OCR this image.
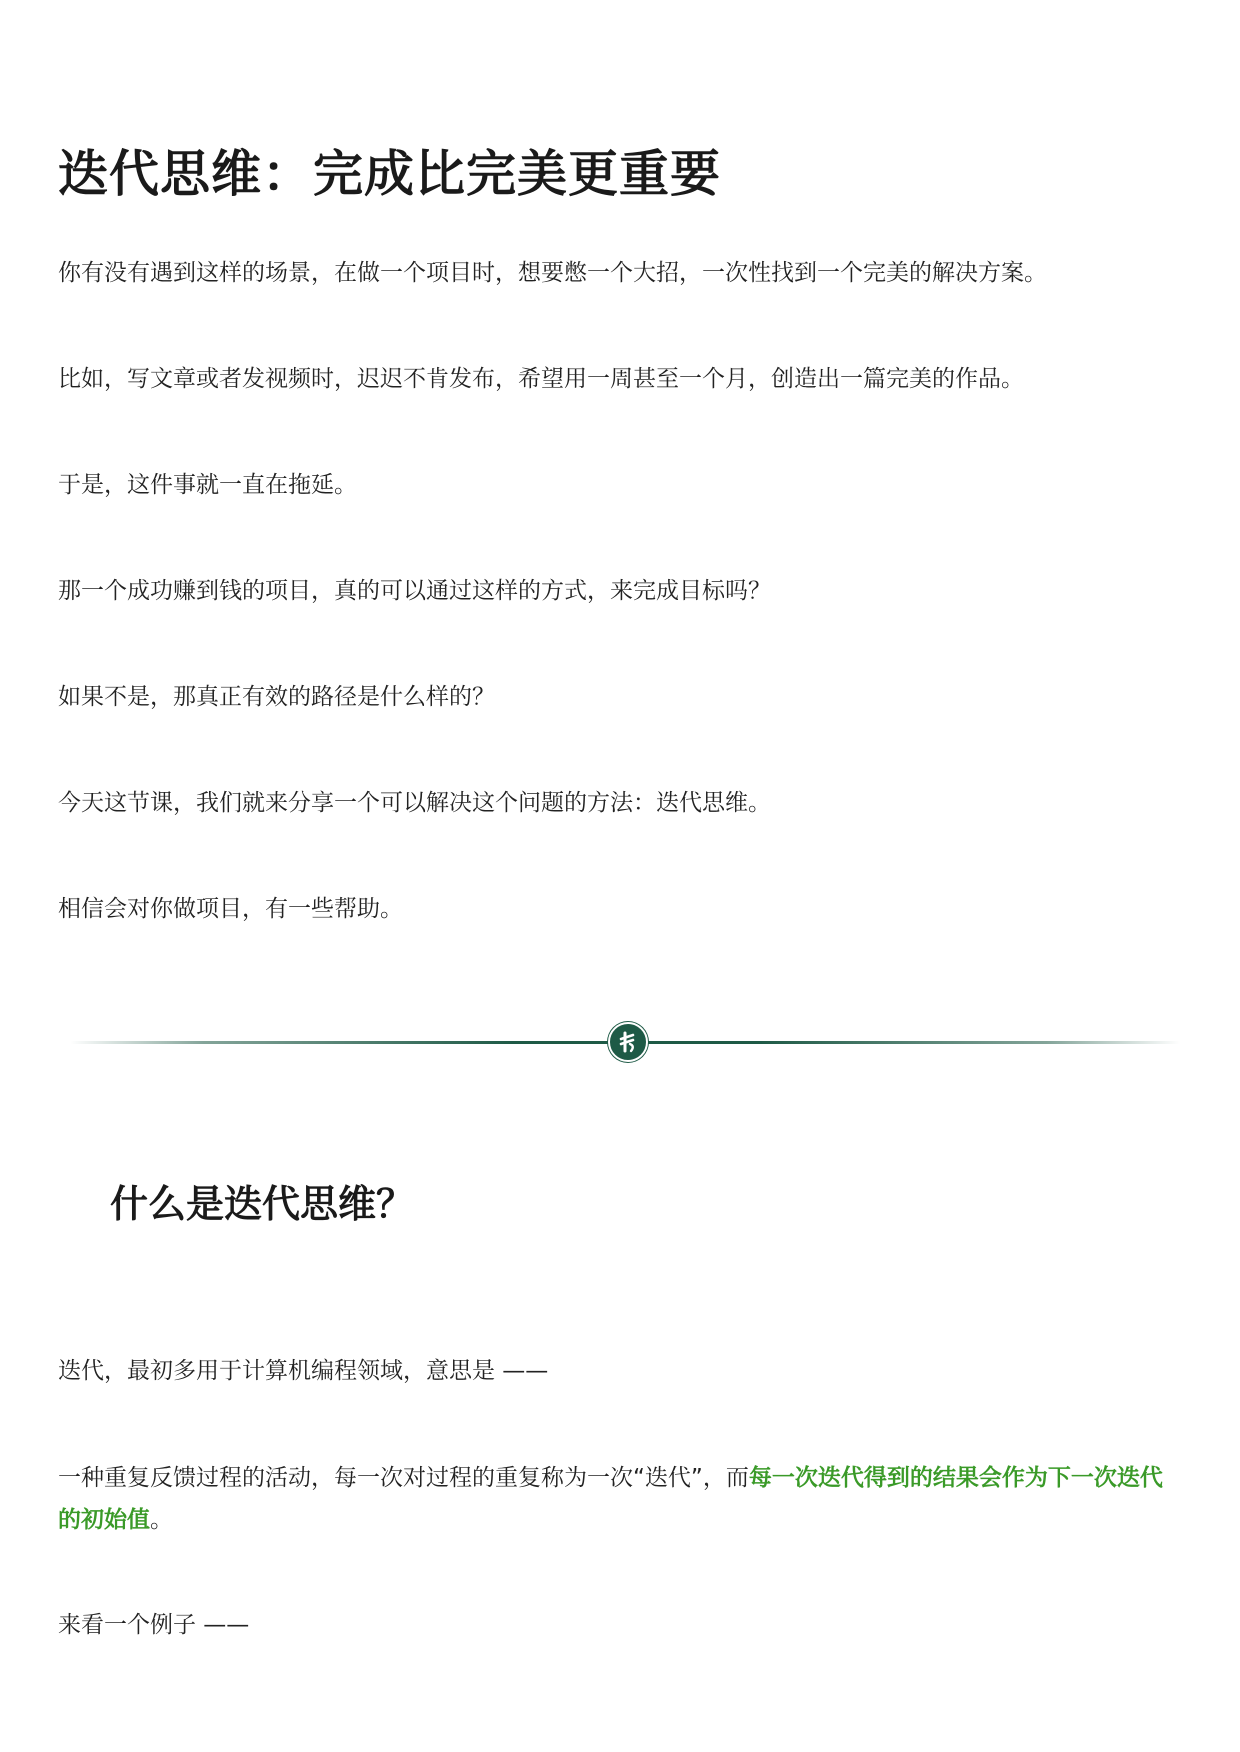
迭代思维：完成比完美更重要

你有没有遇到这样的场景，在做一个项目时，想要憋一个大招，一次性找到一个完美的解决方案。

比如，写文章或者发视频时，迟迟不肯发布，希望用一周甚至一个月，创造出一篇完美的作品。

于是，这件事就一直在拖延。

那一个成功赚到钱的项目，真的可以通过这样的方式，来完成目标吗？

如果不是，那真正有效的路径是什么样的？

今天这节课，我们就来分享一个可以解决这个问题的方法：迭代思维。

相信会对你做项目，有一些帮助。

什么是迭代思维？

迭代，最初多用于计算机编程领域，意思是 ——

一种重复反馈过程的活动，每一次对过程的重复称为一次“迭代”，而每一次迭代得到的结果会作为下一次迭代的初始值。

来看一个例子 ——
